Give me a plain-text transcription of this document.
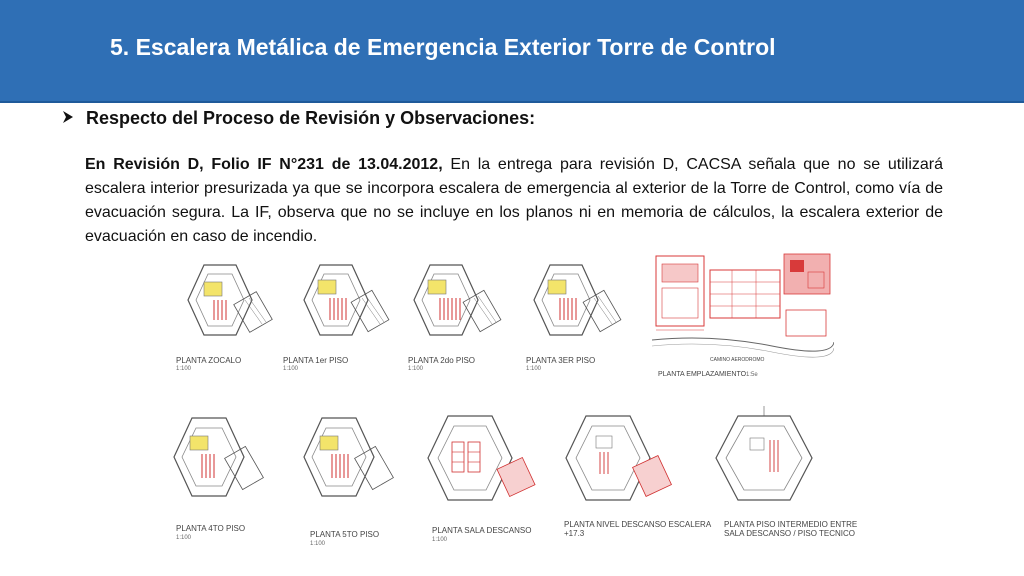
5. Escalera Metálica de Emergencia Exterior Torre de Control
Respecto del Proceso de Revisión y Observaciones:
En Revisión D, Folio IF N°231 de 13.04.2012, En la entrega para revisión D, CACSA señala que no se utilizará escalera interior presurizada ya que se incorpora escalera de emergencia al exterior de la Torre de Control, como vía de evacuación segura. La IF, observa que no se incluye en los planos ni en memoria de cálculos, la escalera exterior de evacuación en caso de incendio.
PLANTA ZOCALO
1:100
PLANTA 1er PISO
1:100
PLANTA 2do PISO
1:100
PLANTA 3ER PISO
1:100
CAMINO AERODROMO
PLANTA EMPLAZAMIENTO 1:5e
PLANTA 4TO PISO
1:100	PLANTA 5TO PISO
1:100
PLANTA SALA DESCANSO
1:100
PLANTA NIVEL DESCANSO ESCALERA
+17.3
PLANTA PISO INTERMEDIO ENTRE
SALA DESCANSO / PISO TECNICO
